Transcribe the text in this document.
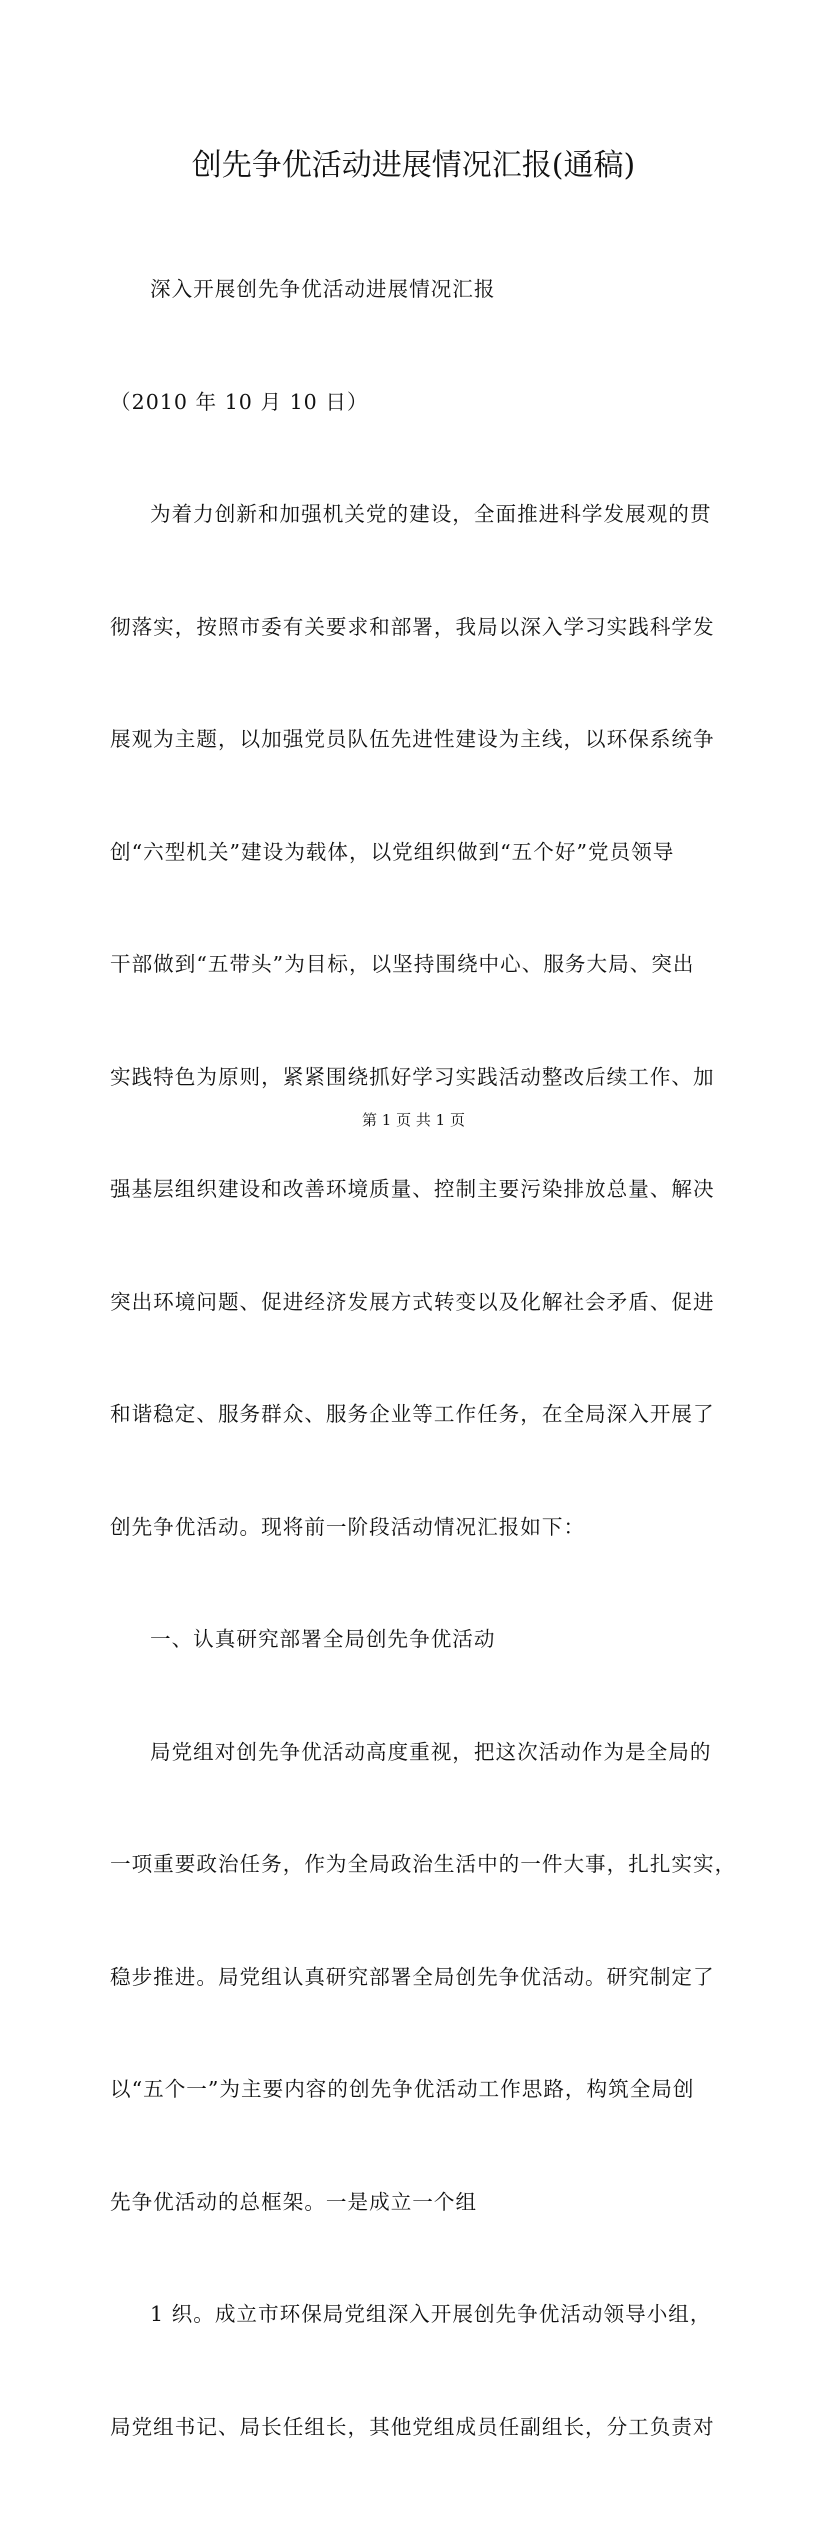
创先争优活动进展情况汇报(通稿)

深入开展创先争优活动进展情况汇报

（2010 年 10 月 10 日）

为着力创新和加强机关党的建设，全面推进科学发展观的贯

彻落实，按照市委有关要求和部署，我局以深入学习实践科学发

展观为主题，以加强党员队伍先进性建设为主线，以环保系统争

创“六型机关”建设为载体，以党组织做到“五个好”党员领导

干部做到“五带头”为目标，以坚持围绕中心、服务大局、突出

实践特色为原则，紧紧围绕抓好学习实践活动整改后续工作、加

强基层组织建设和改善环境质量、控制主要污染排放总量、解决

突出环境问题、促进经济发展方式转变以及化解社会矛盾、促进

和谐稳定、服务群众、服务企业等工作任务，在全局深入开展了

创先争优活动。现将前一阶段活动情况汇报如下：

一、认真研究部署全局创先争优活动

局党组对创先争优活动高度重视，把这次活动作为是全局的

一项重要政治任务，作为全局政治生活中的一件大事，扎扎实实，

稳步推进。局党组认真研究部署全局创先争优活动。研究制定了

以“五个一”为主要内容的创先争优活动工作思路，构筑全局创

先争优活动的总框架。一是成立一个组

1 织。成立市环保局党组深入开展创先争优活动领导小组，

局党组书记、局长任组长，其他党组成员任副组长，分工负责对

第 1 页 共 1 页
